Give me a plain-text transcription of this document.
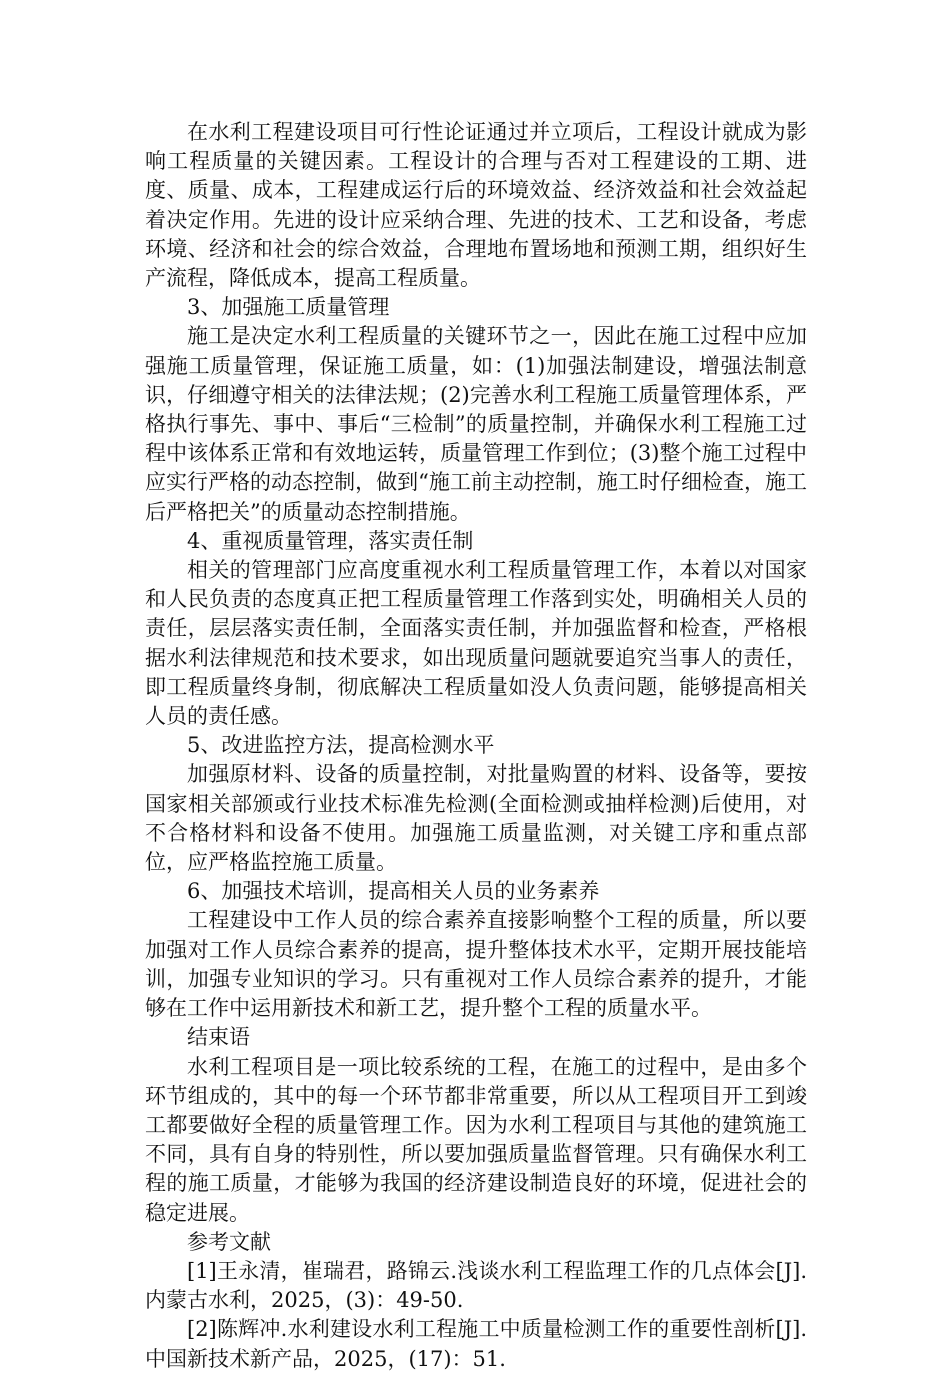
在水利工程建设项目可行性论证通过并立项后，工程设计就成为影响工程质量的关键因素。工程设计的合理与否对工程建设的工期、进度、质量、成本，工程建成运行后的环境效益、经济效益和社会效益起着决定作用。先进的设计应采纳合理、先进的技术、工艺和设备，考虑环境、经济和社会的综合效益，合理地布置场地和预测工期，组织好生产流程，降低成本，提高工程质量。

3、加强施工质量管理

施工是决定水利工程质量的关键环节之一，因此在施工过程中应加强施工质量管理，保证施工质量，如：(1)加强法制建设，增强法制意识，仔细遵守相关的法律法规；(2)完善水利工程施工质量管理体系，严格执行事先、事中、事后“三检制”的质量控制，并确保水利工程施工过程中该体系正常和有效地运转，质量管理工作到位；(3)整个施工过程中应实行严格的动态控制，做到“施工前主动控制，施工时仔细检查，施工后严格把关”的质量动态控制措施。

4、重视质量管理，落实责任制

相关的管理部门应高度重视水利工程质量管理工作，本着以对国家和人民负责的态度真正把工程质量管理工作落到实处，明确相关人员的责任，层层落实责任制，全面落实责任制，并加强监督和检查，严格根据水利法律规范和技术要求，如出现质量问题就要追究当事人的责任，即工程质量终身制，彻底解决工程质量如没人负责问题，能够提高相关人员的责任感。

5、改进监控方法，提高检测水平

加强原材料、设备的质量控制，对批量购置的材料、设备等，要按国家相关部颁或行业技术标准先检测(全面检测或抽样检测)后使用，对不合格材料和设备不使用。加强施工质量监测，对关键工序和重点部位，应严格监控施工质量。

6、加强技术培训，提高相关人员的业务素养

工程建设中工作人员的综合素养直接影响整个工程的质量，所以要加强对工作人员综合素养的提高，提升整体技术水平，定期开展技能培训，加强专业知识的学习。只有重视对工作人员综合素养的提升，才能够在工作中运用新技术和新工艺，提升整个工程的质量水平。

结束语

水利工程项目是一项比较系统的工程，在施工的过程中，是由多个环节组成的，其中的每一个环节都非常重要，所以从工程项目开工到竣工都要做好全程的质量管理工作。因为水利工程项目与其他的建筑施工不同，具有自身的特别性，所以要加强质量监督管理。只有确保水利工程的施工质量，才能够为我国的经济建设制造良好的环境，促进社会的稳定进展。

参考文献

[1]王永清，崔瑞君，路锦云.浅谈水利工程监理工作的几点体会[J].内蒙古水利，2025，(3)：49-50.

[2]陈辉冲.水利建设水利工程施工中质量检测工作的重要性剖析[J].中国新技术新产品，2025，(17)：51.
